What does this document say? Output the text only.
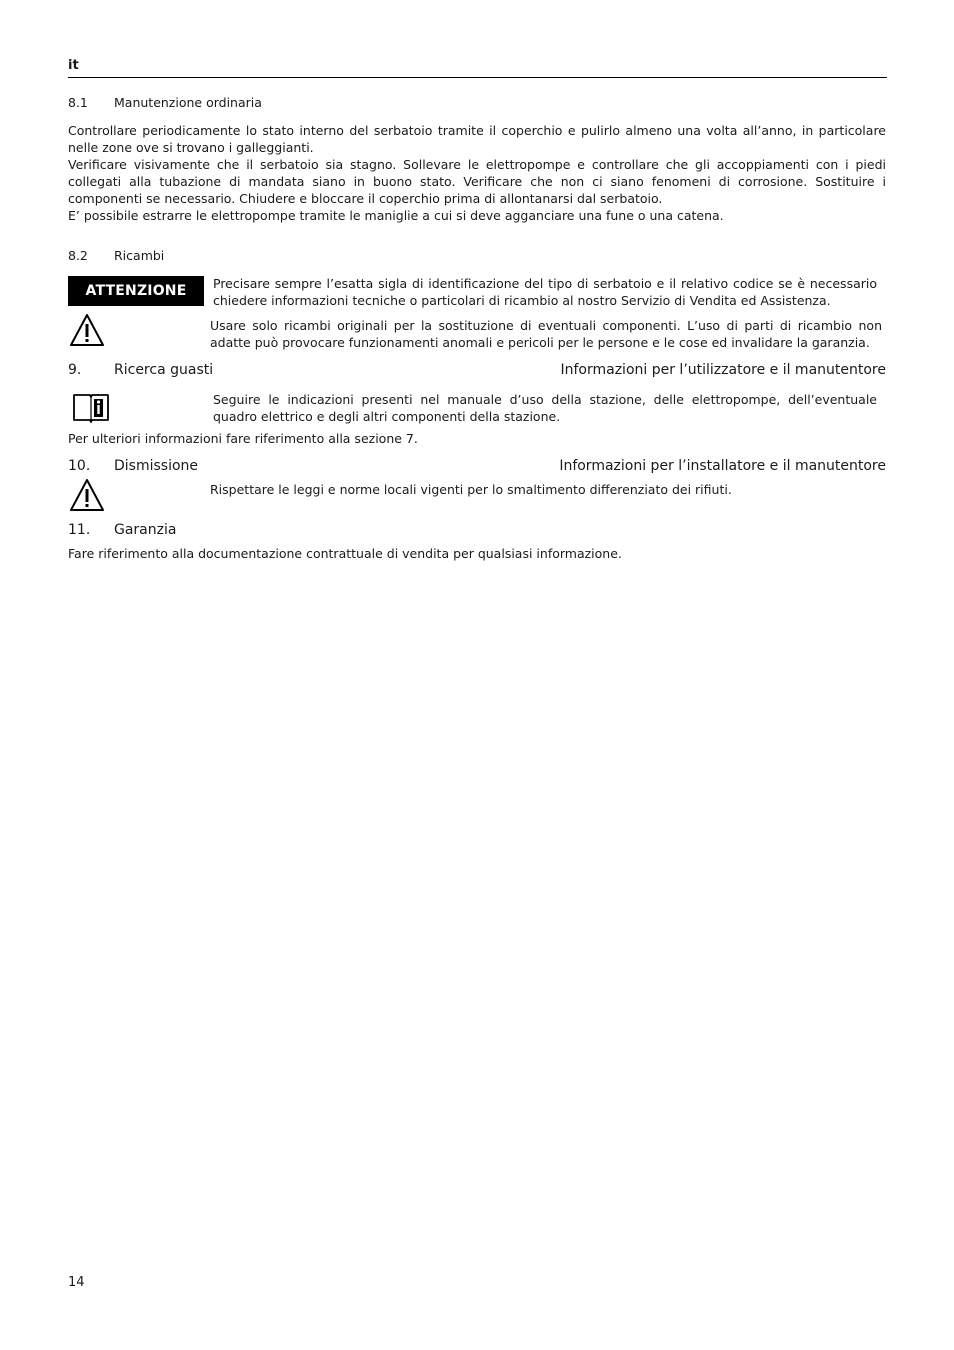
it
8.1 Manutenzione ordinaria
Controllare periodicamente lo stato interno del serbatoio tramite il coperchio e pulirlo almeno una volta all’anno, in particolare nelle zone ove si trovano i galleggianti.
Verificare visivamente che il serbatoio sia stagno. Sollevare le elettropompe e controllare che gli accoppiamenti con i piedi collegati alla tubazione di mandata siano in buono stato. Verificare che non ci siano fenomeni di corrosione. Sostituire i componenti se necessario. Chiudere e bloccare il coperchio prima di allontanarsi dal serbatoio.
E’ possibile estrarre le elettropompe tramite le maniglie a cui si deve agganciare una fune o una catena.
8.2 Ricambi
ATTENZIONE	Precisare sempre l’esatta sigla di identificazione del tipo di serbatoio e il relativo codice se è necessario chiedere informazioni tecniche o particolari di ricambio al nostro Servizio di Vendita ed Assistenza.
Usare solo ricambi originali per la sostituzione di eventuali componenti. L’uso di parti di ricambio non adatte può provocare funzionamenti anomali e pericoli per le persone e le cose ed invalidare la garanzia.
9. Ricerca guasti	Informazioni per l’utilizzatore e il manutentore
Seguire le indicazioni presenti nel manuale d’uso della stazione, delle elettropompe, dell’eventuale quadro elettrico e degli altri componenti della stazione.
Per ulteriori informazioni fare riferimento alla sezione 7.
10. Dismissione	Informazioni per l’installatore e il manutentore
Rispettare le leggi e norme locali vigenti per lo smaltimento differenziato dei rifiuti.
11. Garanzia
Fare riferimento alla documentazione contrattuale di vendita per qualsiasi informazione.
14
